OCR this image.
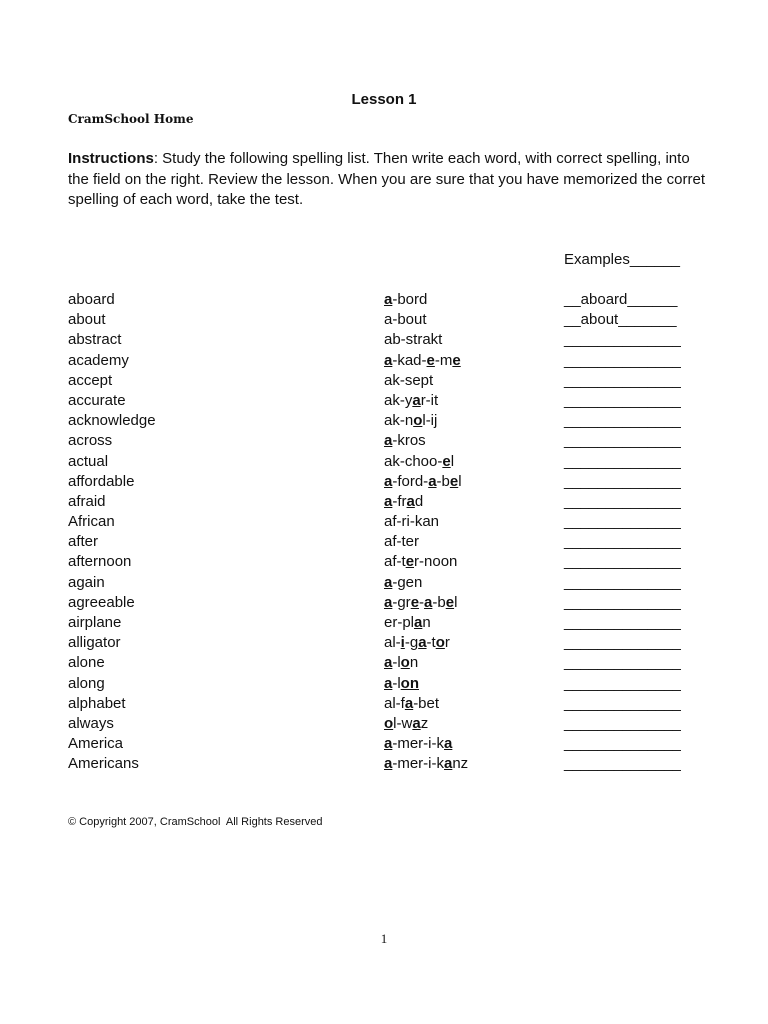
Lesson 1
CramSchool Home
Instructions: Study the following spelling list. Then write each word, with correct spelling, into the field on the right. Review the lesson. When you are sure that you have memorized the corret spelling of each word, take the test.
Examples______
aboard	a-bord	__aboard______
about	a-bout	__about_______
abstract	ab-strakt	______________
academy	a-kad-e-me	______________
accept	ak-sept	______________
accurate	ak-yar-it	______________
acknowledge	ak-nol-ij	______________
across	a-kros	______________
actual	ak-choo-el	______________
affordable	a-ford-a-bel	______________
afraid	a-frad	______________
African	af-ri-kan	______________
after	af-ter	______________
afternoon	af-ter-noon	______________
again	a-gen	______________
agreeable	a-gre-a-bel	______________
airplane	er-plan	______________
alligator	al-i-ga-tor	______________
alone	a-lon	______________
along	a-lon	______________
alphabet	al-fa-bet	______________
always	ol-waz	______________
America	a-mer-i-ka	______________
Americans	a-mer-i-kanz	______________
© Copyright 2007, CramSchool  All Rights Reserved
1
